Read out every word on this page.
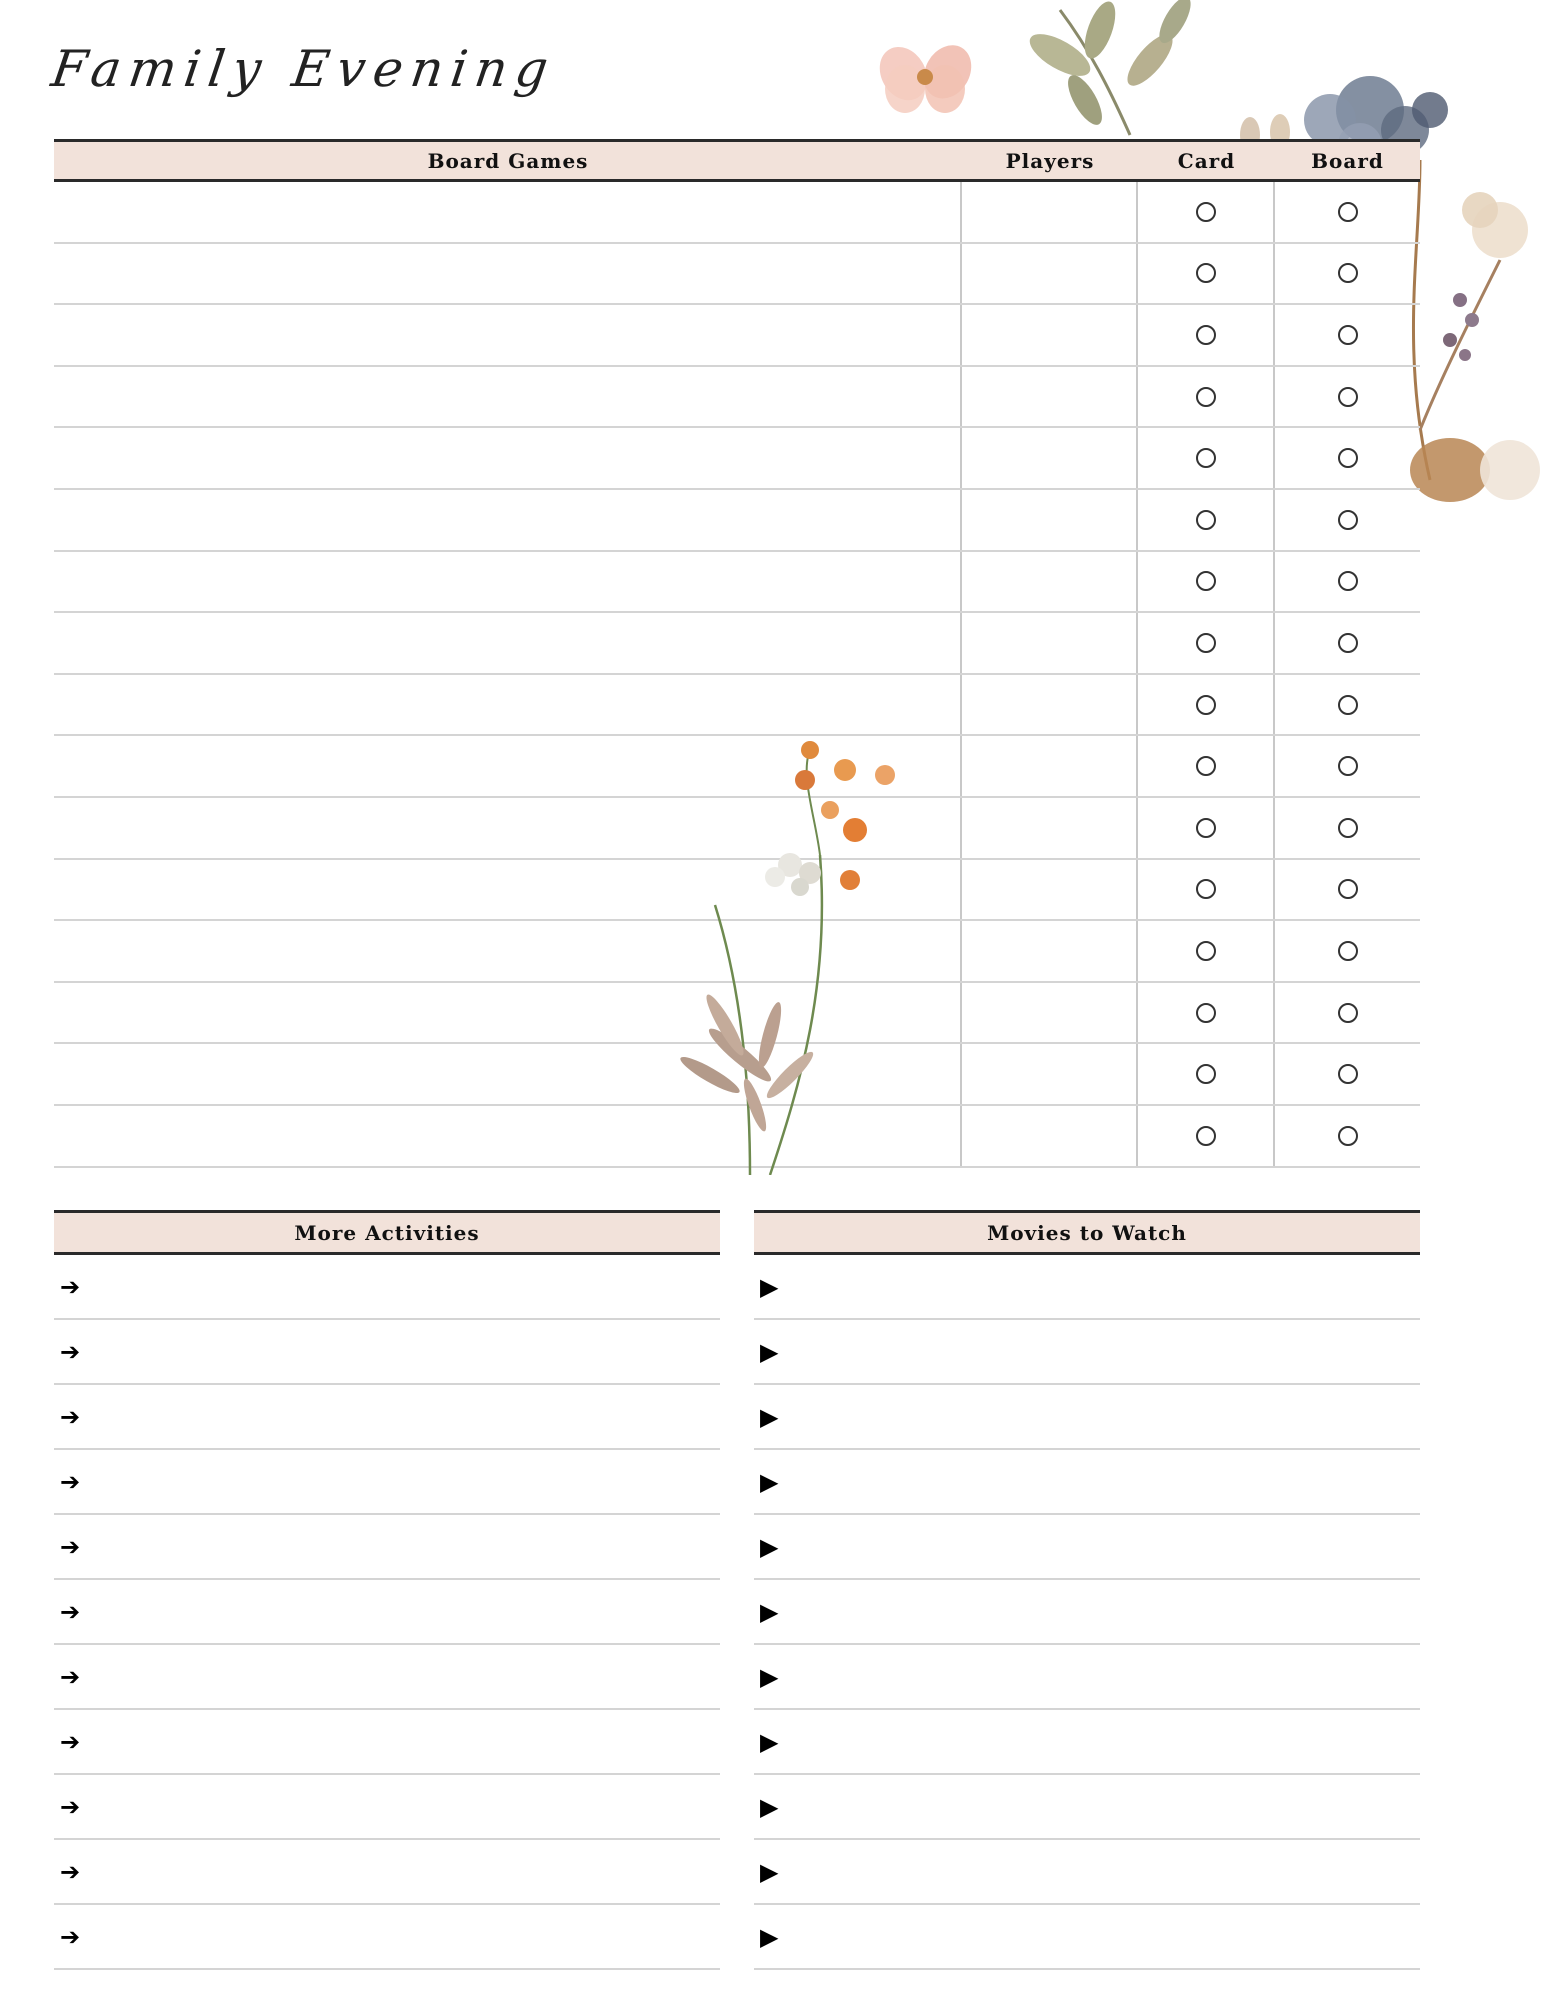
Family Evening
Board Games	Players	Card	Board
More Activities
➔
➔
➔
➔
➔
➔
➔
➔
➔
➔
➔
Movies to Watch
▶
▶
▶
▶
▶
▶
▶
▶
▶
▶
▶
